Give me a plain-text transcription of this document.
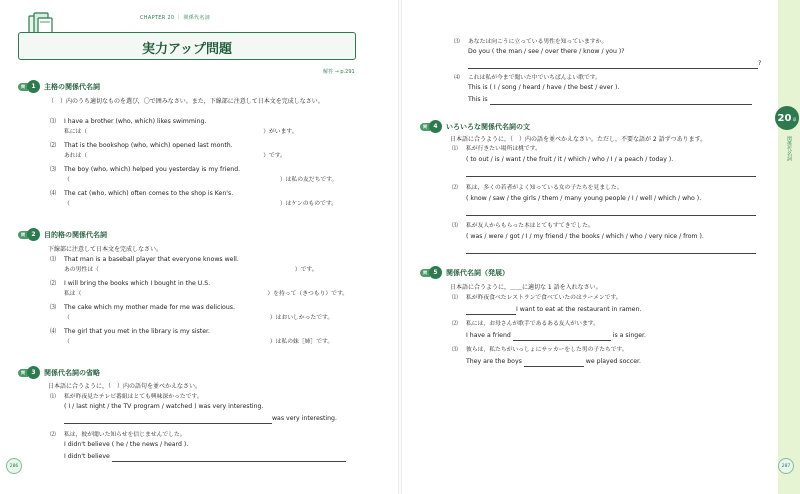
CHAPTER 20 ｜ 関係代名詞
実力アップ問題
解答 → p.291
問	1	主格の関係代名詞
（　）内のうち適切なものを選び，〇で囲みなさい。また，下線部に注意して日本文を完成しなさい。
⑴ I have a brother (who, which) likes swimming.
私には（	）がいます。
⑵ That is the bookshop (who, which) opened last month.
あれは（	）です。
⑶ The boy (who, which) helped you yesterday is my friend.
（	）は私の友だちです。
⑷ The cat (who, which) often comes to the shop is Ken's.
（	）はケンのものです。
問	2	目的格の関係代名詞
下線部に注意して日本文を完成しなさい。
⑴ That man is a baseball player that everyone knows well.
あの男性は（	）です。
⑵ I will bring the books which I bought in the U.S.
私は（	）を持って（きつもり）です。
⑶ The cake which my mother made for me was delicious.
（	）はおいしかったです。
⑷ The girl that you met in the library is my sister.
（	）は私の妹［姉］です。
問	3	関係代名詞の省略
日本語に合うように，（　）内の語句を並べかえなさい。
⑴ 私が昨夜見たテレビ番組はとても興味深かったです。
( I / last night / the TV program / watched ) was very interesting.
was very interesting.
⑵ 私は，彼が聞いた知らせを信じませんでした。
I didn't believe ( he / the news / heard ).
I didn't believe
286
⑶ あなたは向こうに立っている男性を知っていますか。
Do you ( the man / see / over there / know / you )?
?
⑷ これは私が今まで聞いた中でいちばんよい歌です。
This is ( I / song / heard / have / the best / ever ).
This is
問	4	いろいろな関係代名詞の文
日本語に合うように，（　）内の語を並べかえなさい。ただし，不要な語が 2 語ずつあります。
⑴ 私が行きたい場所は桃です。
( to out / is / want / the fruit / it / which / who / I / a peach / today ).
⑵ 私は，多くの若者がよく知っている女の子たちを見ました。
( know / saw / the girls / them / many young people / I / well / which / who ).
⑶ 私が友人からもらった本はとてもすてきでした。
( was / were / got / I / my friend / the books / which / who / very nice / from ).
問	5	関係代名詞（発展）
日本語に合うように，＿＿に適切な 1 語を入れなさい。
⑴ 私が昨夜食べたレストランで食べていたのはラーメンです。
I want to eat at the restaurant in ramen.
⑵ 私には，お母さんが歌手であるある友人がいます。
I have a friend	is a singer.
⑶ 彼らは，私たちがいっしょにサッカーをした男の子たちです。
They are the boys	we played soccer.
20 章
関係代名詞
287
